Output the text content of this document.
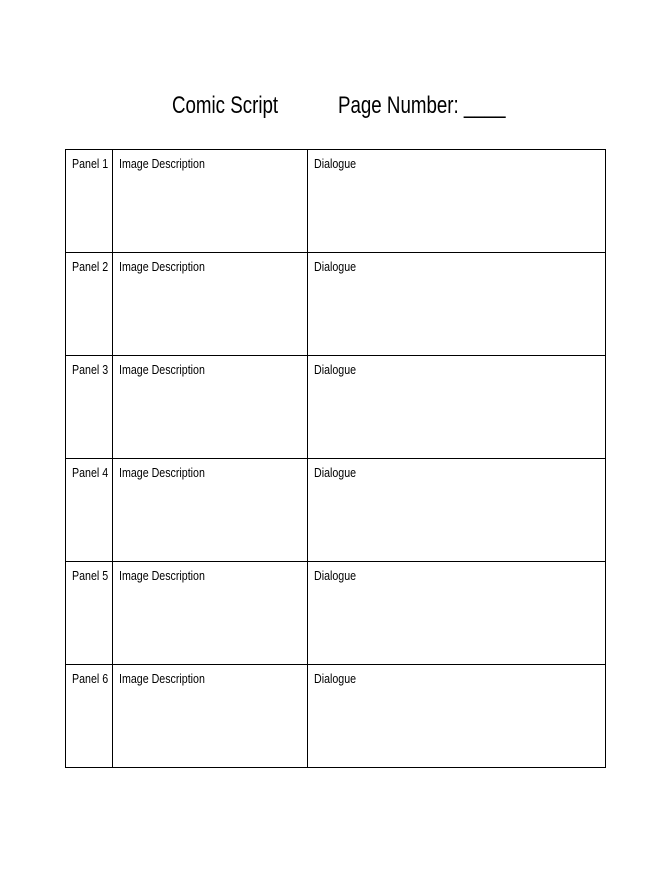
Comic Script Page Number: ____
Panel 1	Image Description	Dialogue
Panel 2	Image Description	Dialogue
Panel 3	Image Description	Dialogue
Panel 4	Image Description	Dialogue
Panel 5	Image Description	Dialogue
Panel 6	Image Description	Dialogue
